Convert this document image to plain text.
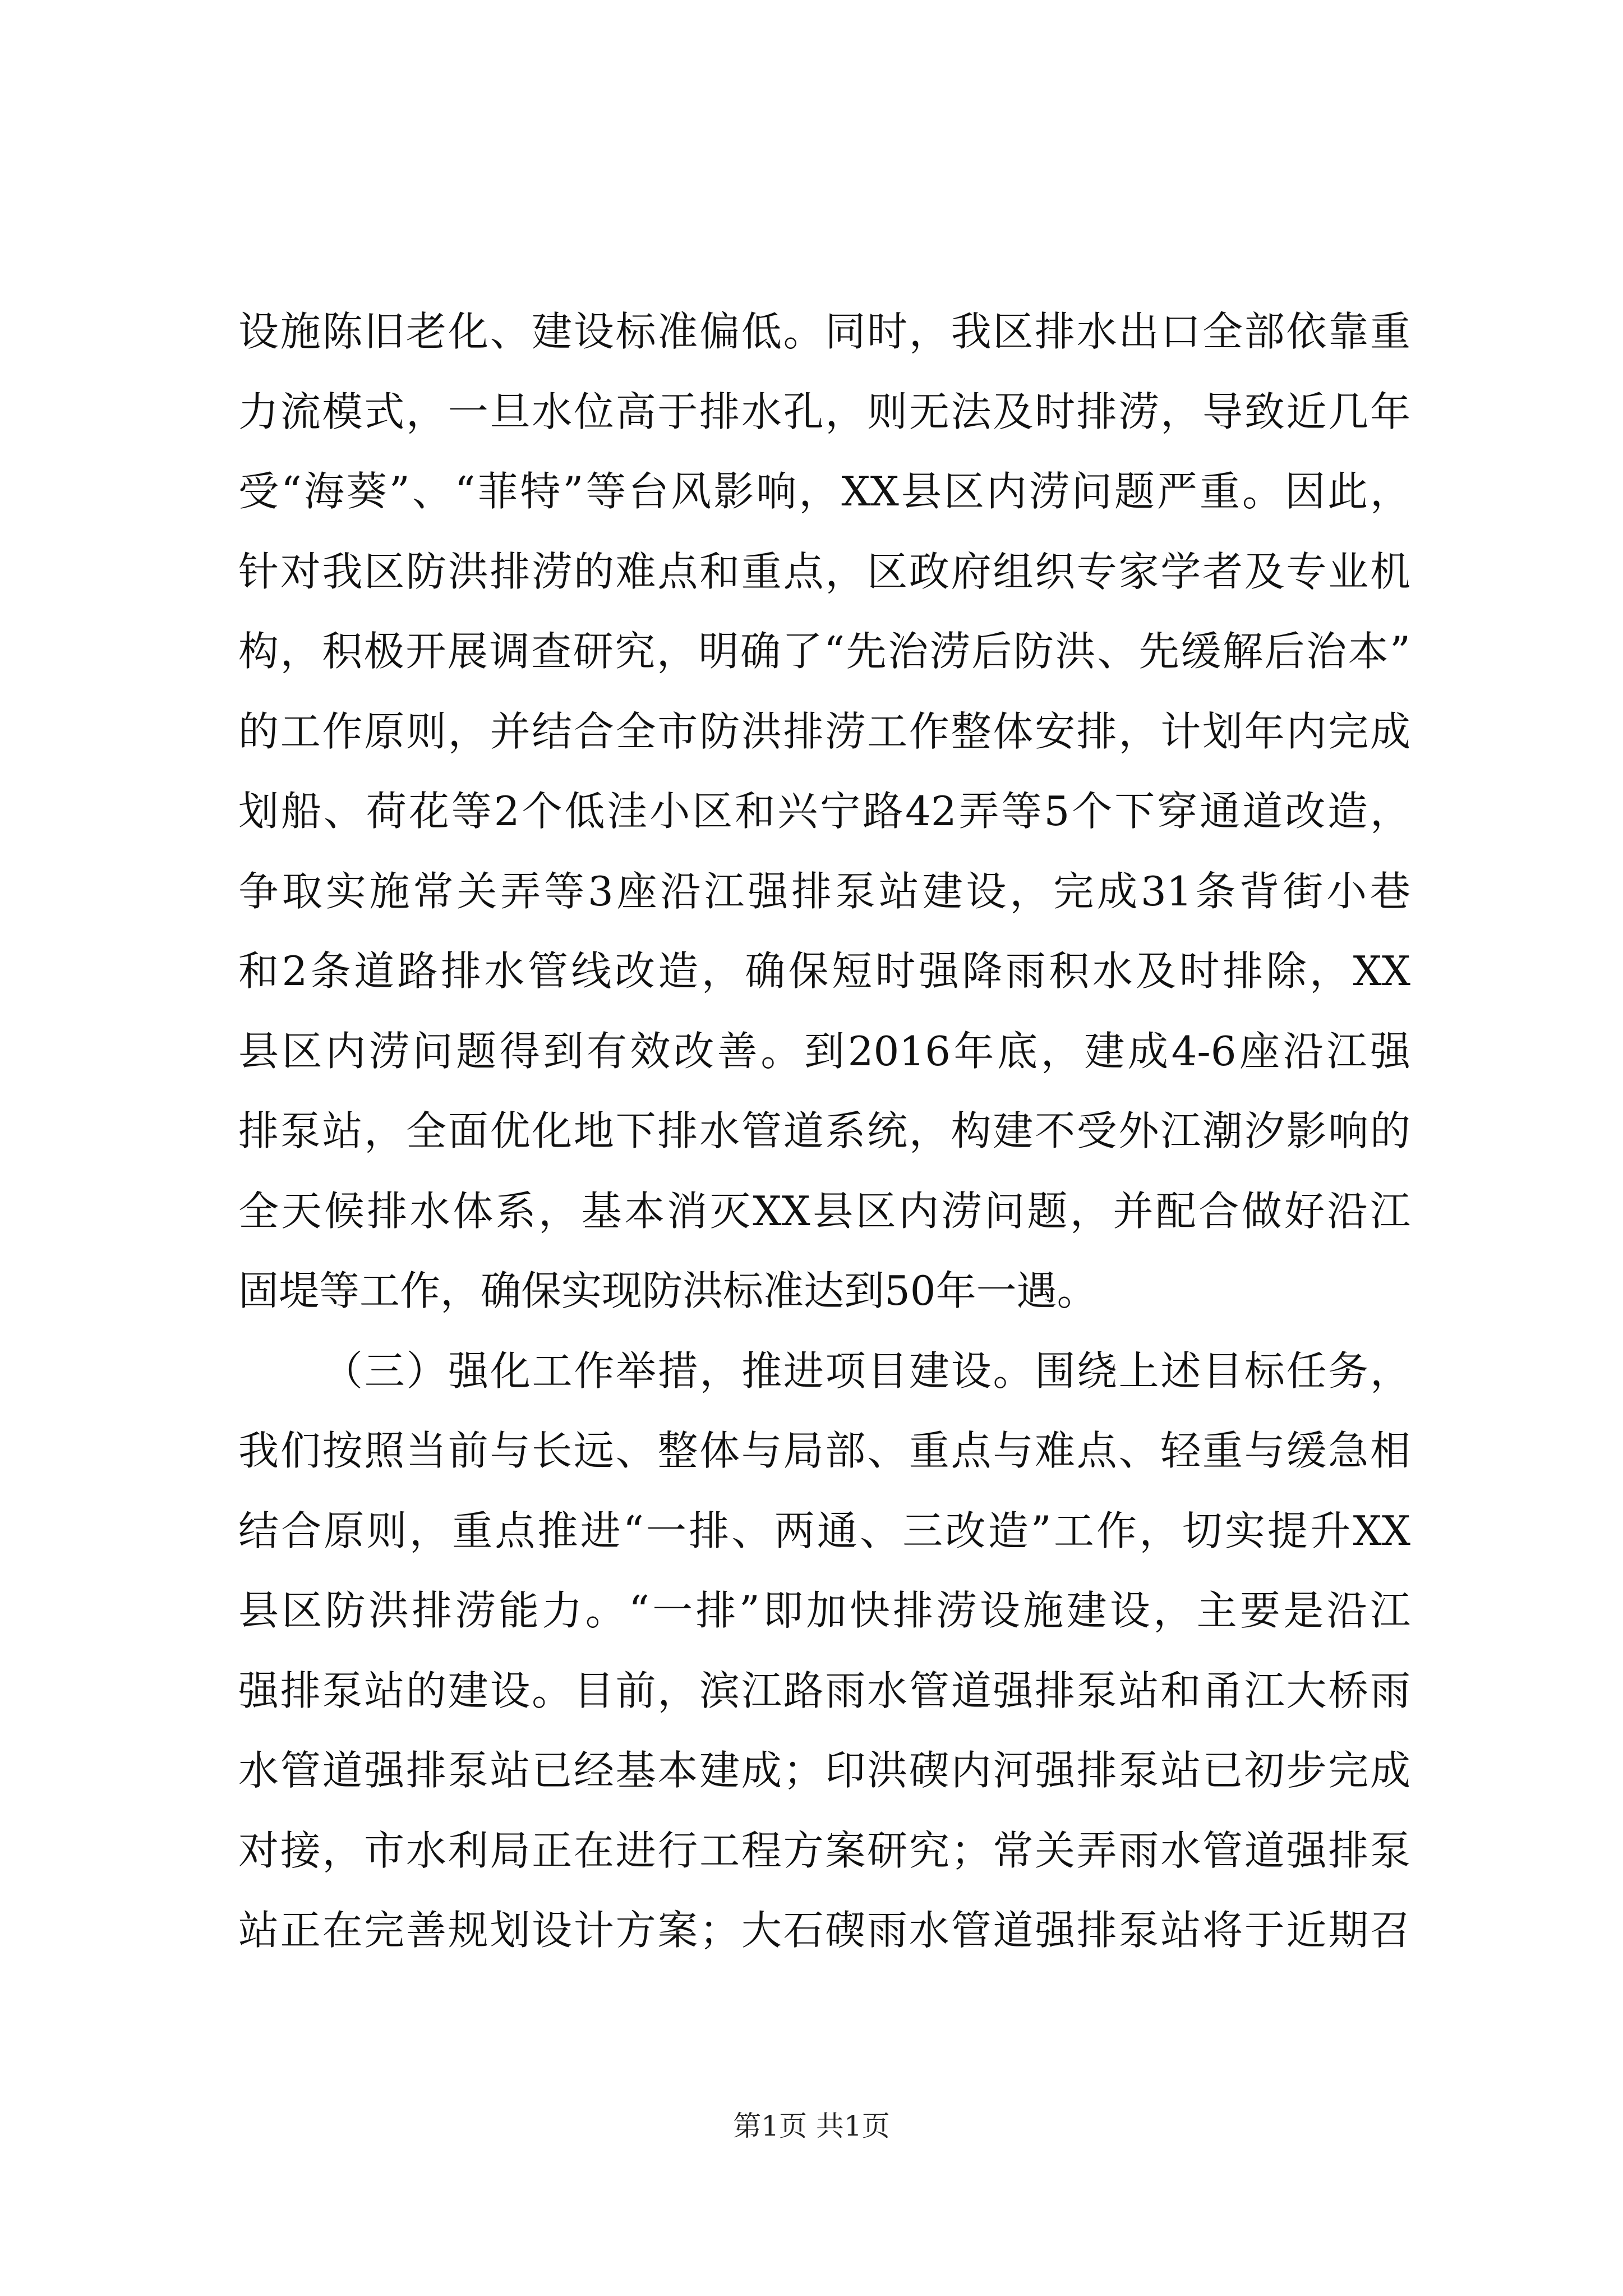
设施陈旧老化、建设标准偏低。同时，我区排水出口全部依靠重
力流模式，一旦水位高于排水孔，则无法及时排涝，导致近几年
受“海葵”、“菲特”等台风影响，XX县区内涝问题严重。因此，
针对我区防洪排涝的难点和重点，区政府组织专家学者及专业机
构，积极开展调查研究，明确了“先治涝后防洪、先缓解后治本”
的工作原则，并结合全市防洪排涝工作整体安排，计划年内完成
划船、荷花等2个低洼小区和兴宁路42弄等5个下穿通道改造，
争取实施常关弄等3座沿江强排泵站建设，完成31条背街小巷
和2条道路排水管线改造，确保短时强降雨积水及时排除，XX
县区内涝问题得到有效改善。到2016年底，建成4-6座沿江强
排泵站，全面优化地下排水管道系统，构建不受外江潮汐影响的
全天候排水体系，基本消灭XX县区内涝问题，并配合做好沿江
固堤等工作，确保实现防洪标准达到50年一遇。
（三）强化工作举措，推进项目建设。围绕上述目标任务，
我们按照当前与长远、整体与局部、重点与难点、轻重与缓急相
结合原则，重点推进“一排、两通、三改造”工作，切实提升XX
县区防洪排涝能力。“一排”即加快排涝设施建设，主要是沿江
强排泵站的建设。目前，滨江路雨水管道强排泵站和甬江大桥雨
水管道强排泵站已经基本建成；印洪碶内河强排泵站已初步完成
对接，市水利局正在进行工程方案研究；常关弄雨水管道强排泵
站正在完善规划设计方案；大石碶雨水管道强排泵站将于近期召
第1页 共1页
